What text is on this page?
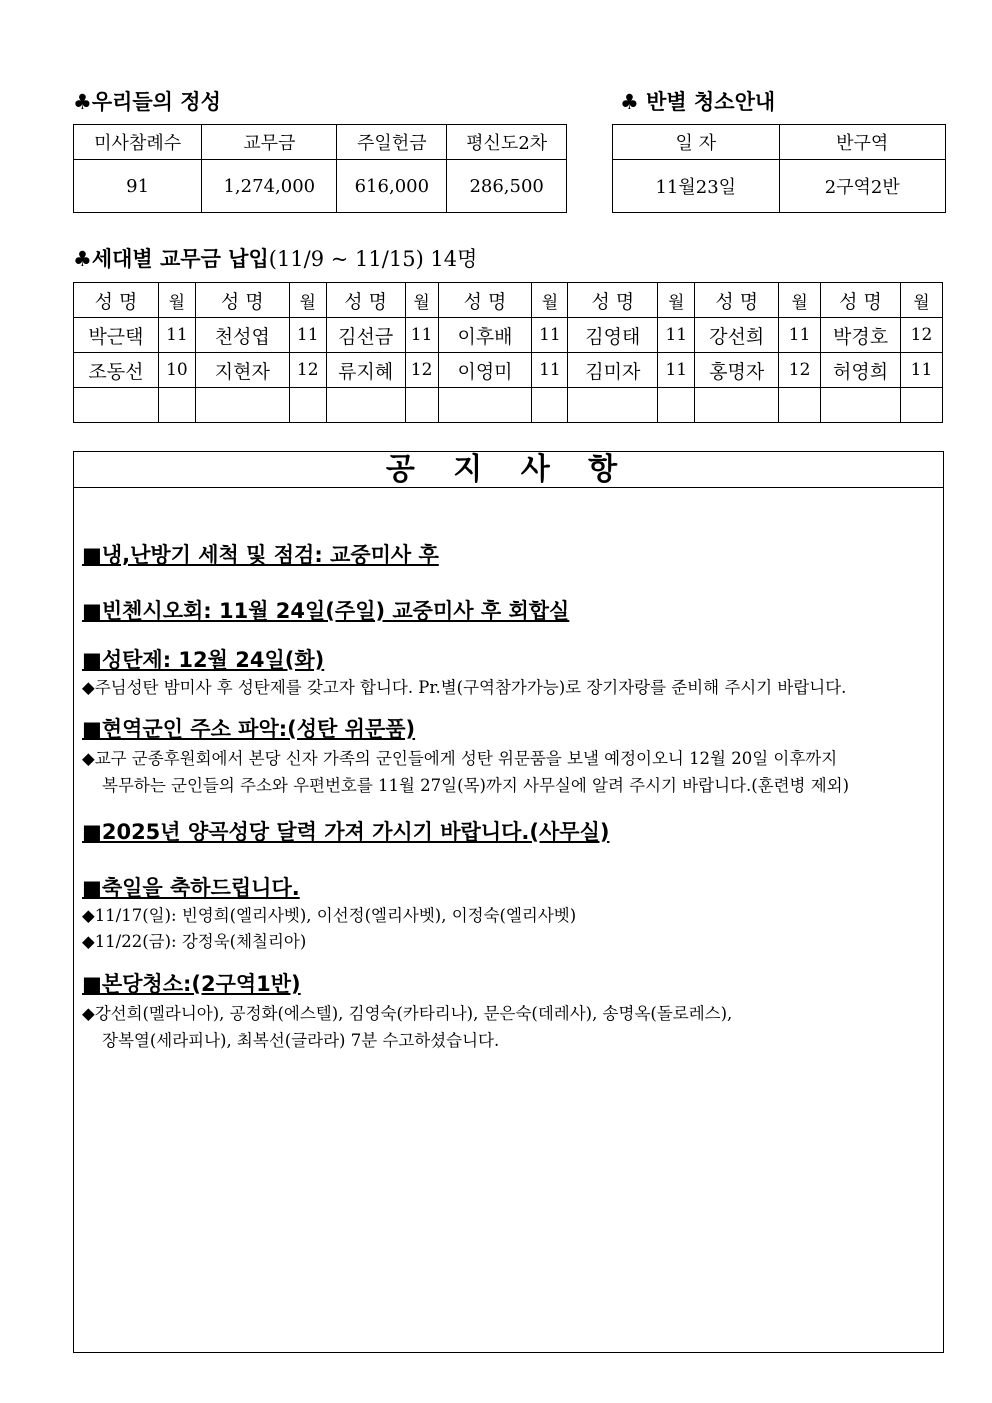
♣우리들의 정성
미사참례수	교무금	주일헌금	평신도2차
91	1,274,000	616,000	286,500
♣ 반별 청소안내
일 자	반구역
11월23일	2구역2반
♣세대별 교무금 납입(11/9 ~ 11/15) 14명
성 명	월	성 명	월	성 명	월	성 명	월	성 명	월	성 명	월	성 명	월
박근택	11	천성엽	11	김선금	11	이후배	11	김영태	11	강선희	11	박경호	12
조동선	10	지현자	12	류지혜	12	이영미	11	김미자	11	홍명자	12	허영희	11

공 지 사 항
■냉,난방기 세척 및 점검: 교중미사 후
■빈첸시오회: 11월 24일(주일) 교중미사 후 회합실
■성탄제: 12월 24일(화)
◆주님성탄 밤미사 후 성탄제를 갖고자 합니다. Pr.별(구역참가가능)로 장기자랑를 준비해 주시기 바랍니다.
■현역군인 주소 파악:(성탄 위문품)
◆교구 군종후원회에서 본당 신자 가족의 군인들에게 성탄 위문품을 보낼 예정이오니 12월 20일 이후까지
복무하는 군인들의 주소와 우편번호를 11월 27일(목)까지 사무실에 알려 주시기 바랍니다.(훈련병 제외)
■2025년 양곡성당 달력 가져 가시기 바랍니다.(사무실)
■축일을 축하드립니다.
◆11/17(일): 빈영희(엘리사벳), 이선정(엘리사벳), 이정숙(엘리사벳)
◆11/22(금): 강정욱(체칠리아)
■본당청소:(2구역1반)
◆강선희(멜라니아), 공정화(에스텔), 김영숙(카타리나), 문은숙(데레사), 송명옥(돌로레스),
장복열(세라피나), 최복선(글라라) 7분 수고하셨습니다.
